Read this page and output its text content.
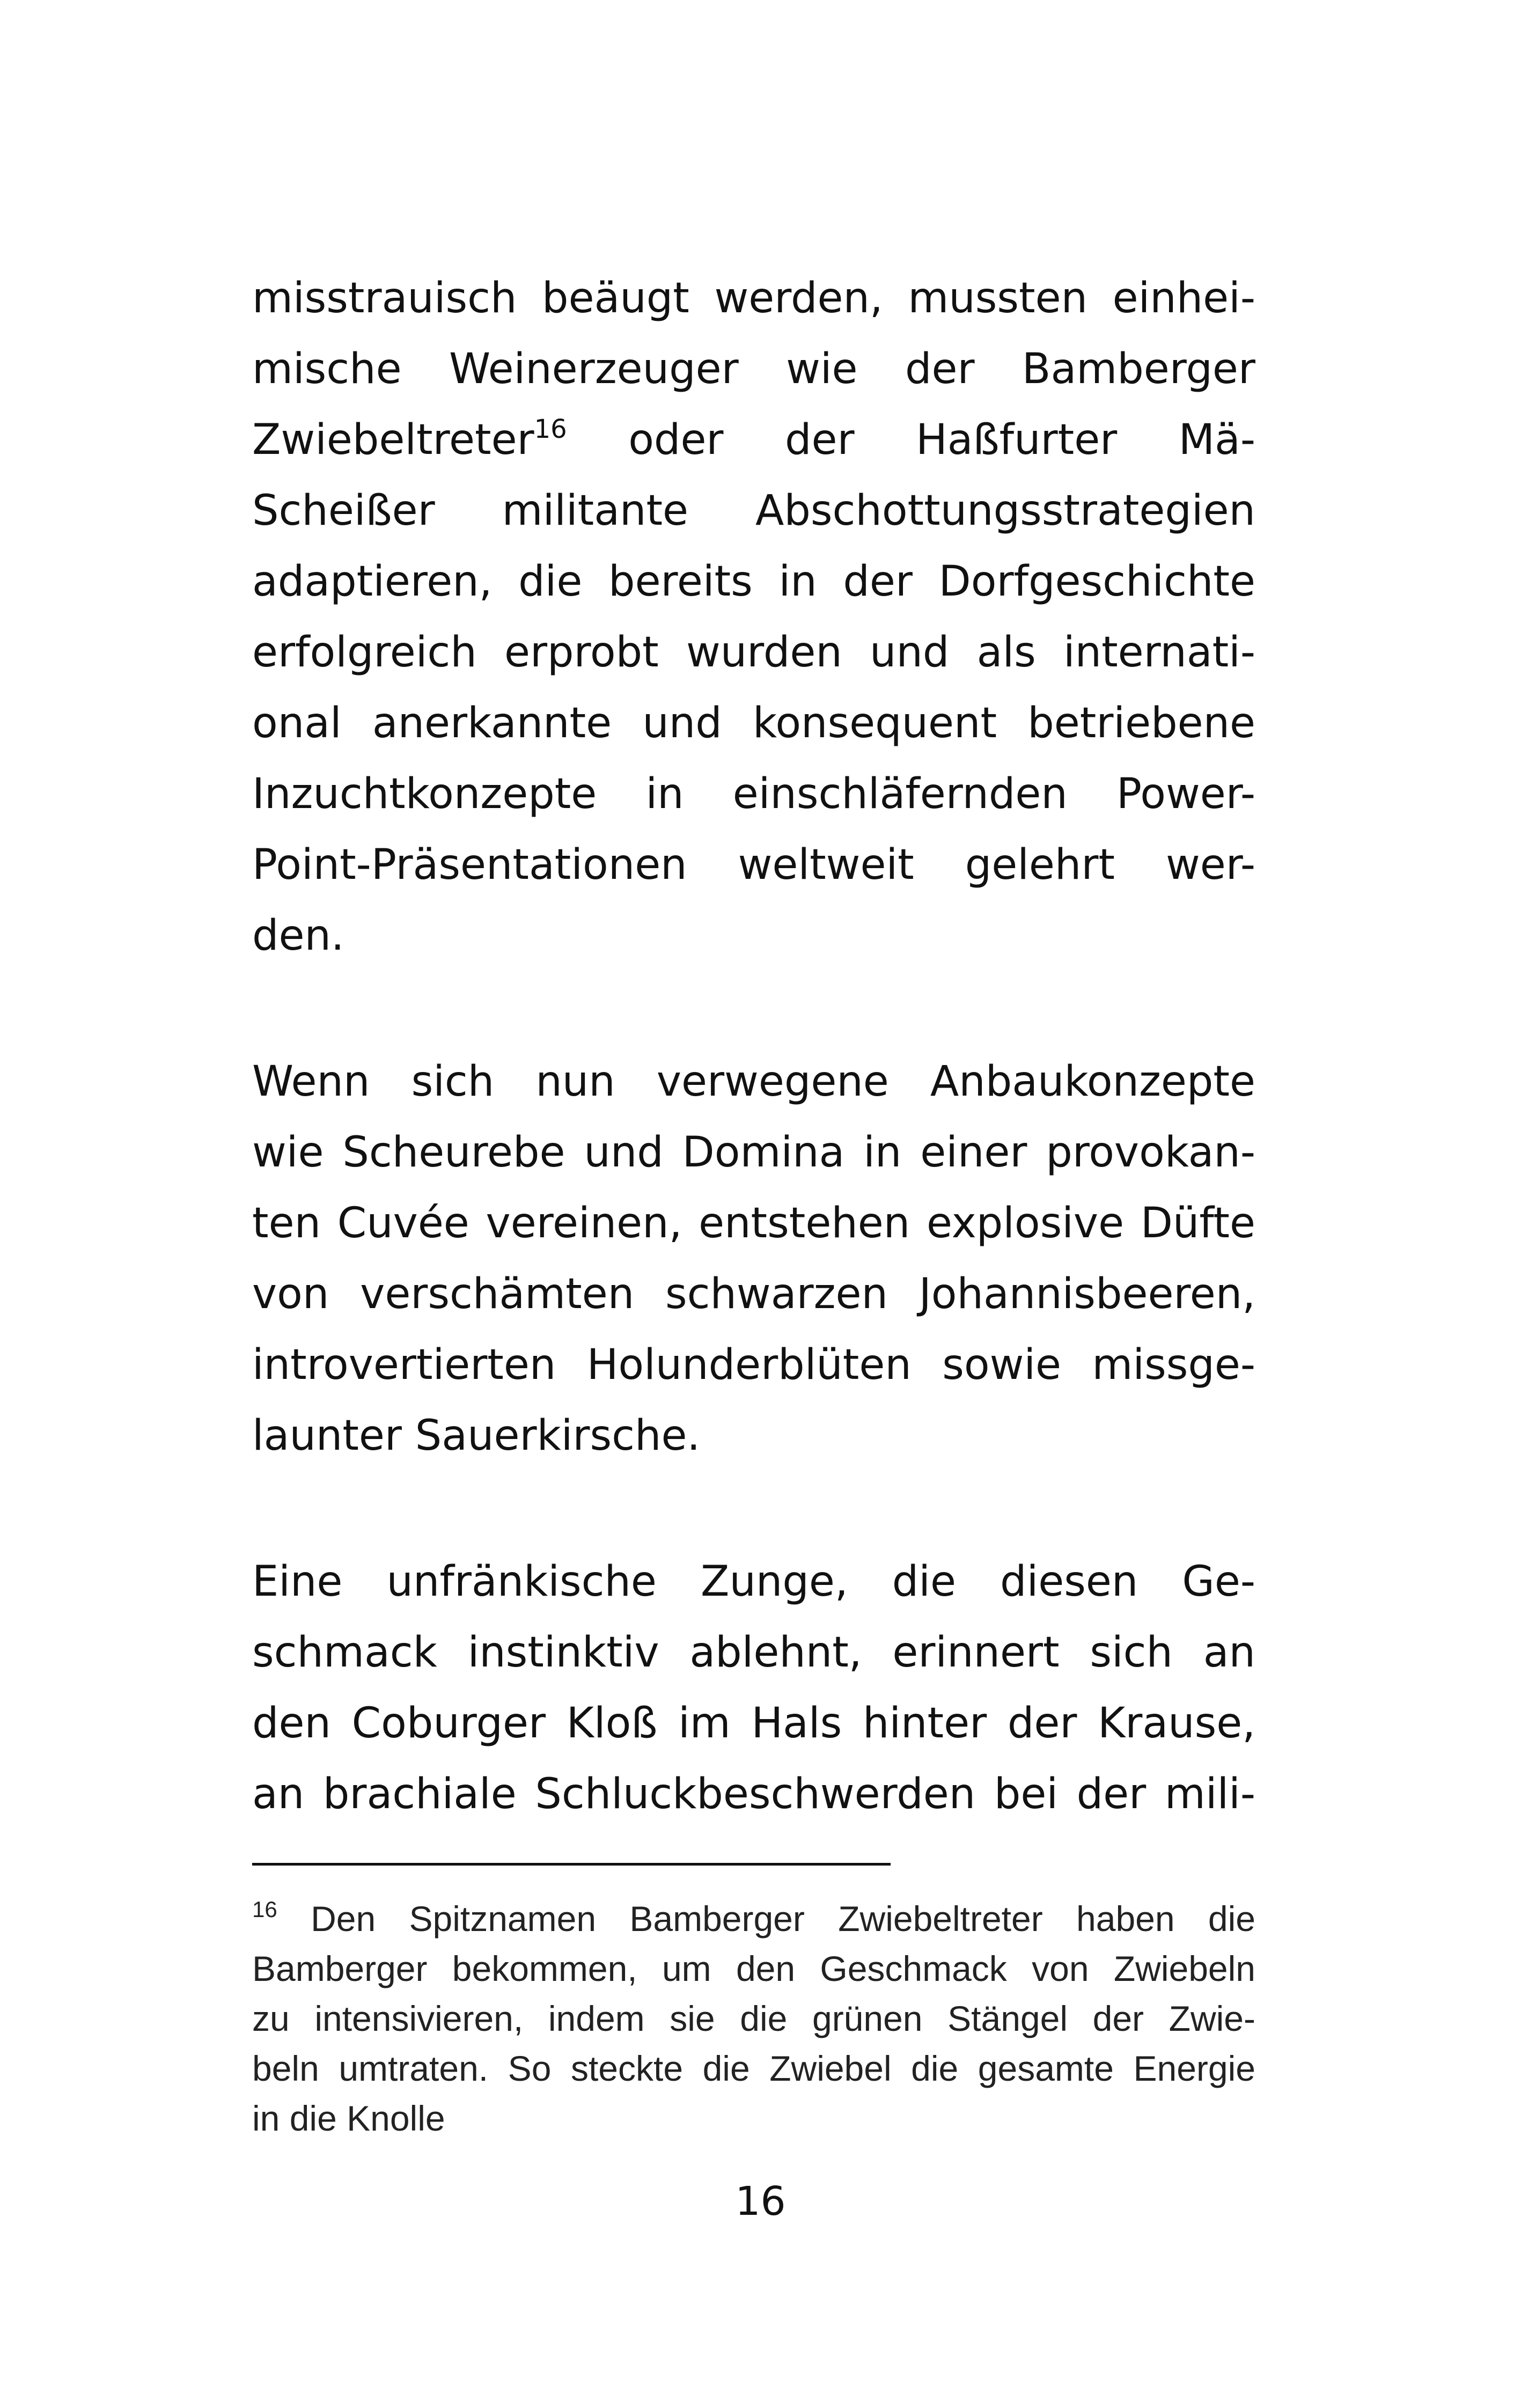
misstrauisch beäugt werden, mussten einhei-
mische Weinerzeuger wie der Bamberger
Zwiebeltreter$^{16}$ oder der Haßfurter Mä-
Scheißer militante Abschottungsstrategien
adaptieren, die bereits in der Dorfgeschichte
erfolgreich erprobt wurden und als internati-
onal anerkannte und konsequent betriebene
Inzuchtkonzepte in einschläfernden Power-
Point-Präsentationen weltweit gelehrt wer-
den.
Wenn sich nun verwegene Anbaukonzepte
wie Scheurebe und Domina in einer provokan-
ten Cuvée vereinen, entstehen explosive Düfte
von verschämten schwarzen Johannisbeeren,
introvertierten Holunderblüten sowie missge-
launter Sauerkirsche.
Eine unfränkische Zunge, die diesen Ge-
schmack instinktiv ablehnt, erinnert sich an
den Coburger Kloß im Hals hinter der Krause,
an brachiale Schluckbeschwerden bei der mili-
$^{16}$ Den Spitznamen Bamberger Zwiebeltreter haben die
Bamberger bekommen, um den Geschmack von Zwiebeln
zu intensivieren, indem sie die grünen Stängel der Zwie-
beln umtraten. So steckte die Zwiebel die gesamte Energie
in die Knolle
16
